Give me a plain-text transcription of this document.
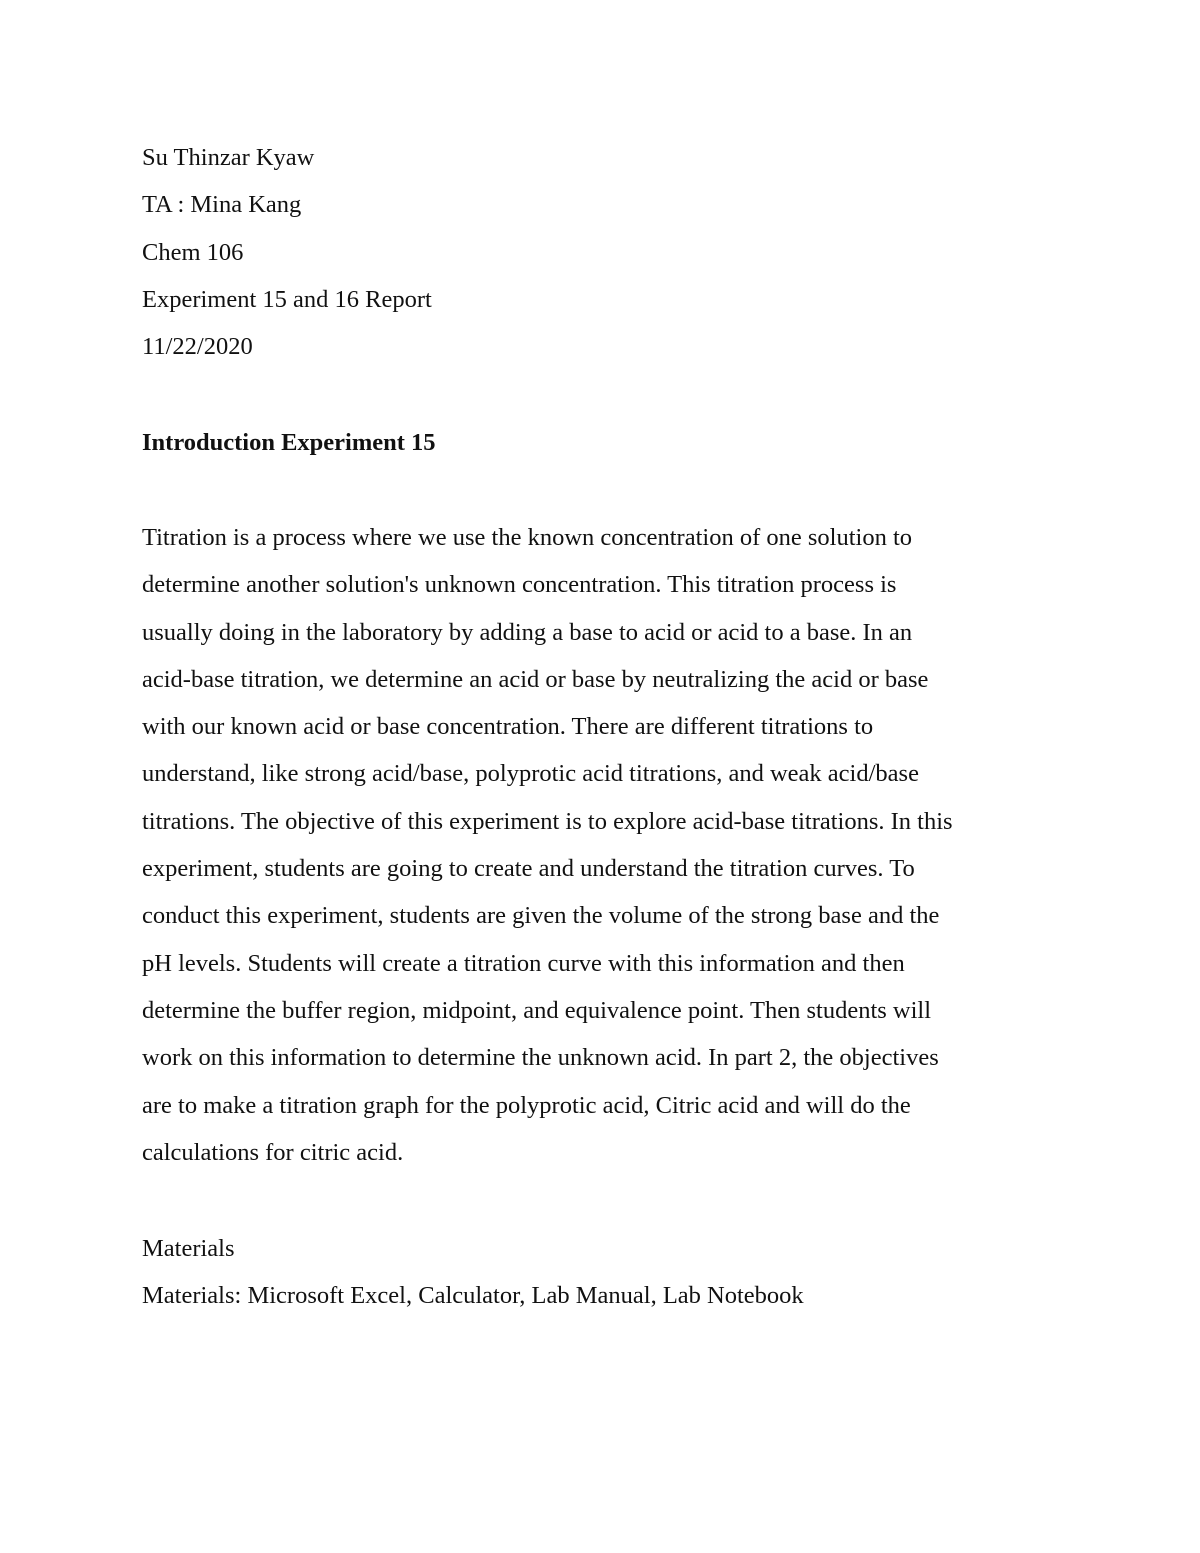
Su Thinzar Kyaw
TA : Mina Kang
Chem 106
Experiment 15 and 16 Report
11/22/2020
Introduction Experiment 15
Titration is a process where we use the known concentration of one solution to
determine another solution's unknown concentration. This titration process is
usually doing in the laboratory by adding a base to acid or acid to a base. In an
acid-base titration, we determine an acid or base by neutralizing the acid or base
with our known acid or base concentration. There are different titrations to
understand, like strong acid/base, polyprotic acid titrations, and weak acid/base
titrations. The objective of this experiment is to explore acid-base titrations. In this
experiment, students are going to create and understand the titration curves. To
conduct this experiment, students are given the volume of the strong base and the
pH levels. Students will create a titration curve with this information and then
determine the buffer region, midpoint, and equivalence point. Then students will
work on this information to determine the unknown acid. In part 2, the objectives
are to make a titration graph for the polyprotic acid, Citric acid and will do the
calculations for citric acid.
Materials
Materials: Microsoft Excel, Calculator, Lab Manual, Lab Notebook
